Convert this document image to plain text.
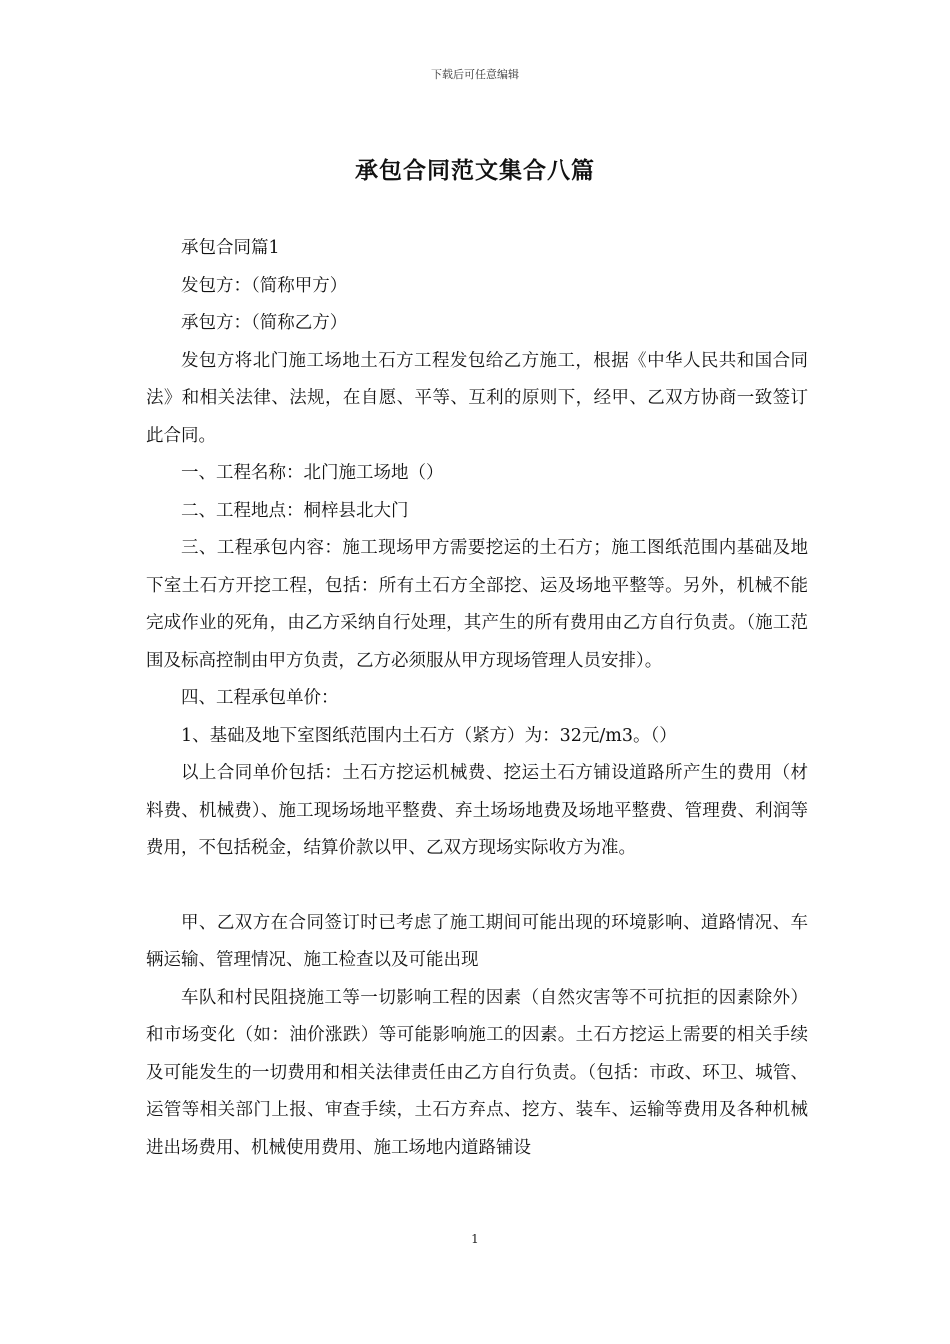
下载后可任意编辑
承包合同范文集合八篇

承包合同篇1

发包方：（简称甲方）

承包方：（简称乙方）

发包方将北门施工场地土石方工程发包给乙方施工，根据《中华人民共和国合同法》和相关法律、法规，在自愿、平等、互利的原则下，经甲、乙双方协商一致签订此合同。

一、工程名称：北门施工场地（）

二、工程地点：桐梓县北大门

三、工程承包内容：施工现场甲方需要挖运的土石方；施工图纸范围内基础及地下室土石方开挖工程，包括：所有土石方全部挖、运及场地平整等。另外，机械不能完成作业的死角，由乙方采纳自行处理，其产生的所有费用由乙方自行负责。（施工范围及标高控制由甲方负责，乙方必须服从甲方现场管理人员安排）。

四、工程承包单价：

1、基础及地下室图纸范围内土石方（紧方）为：32元/m3。（）

以上合同单价包括：土石方挖运机械费、挖运土石方铺设道路所产生的费用（材料费、机械费）、施工现场场地平整费、弃土场场地费及场地平整费、管理费、利润等费用，不包括税金，结算价款以甲、乙双方现场实际收方为准。

甲、乙双方在合同签订时已考虑了施工期间可能出现的环境影响、道路情况、车辆运输、管理情况、施工检查以及可能出现

车队和村民阻挠施工等一切影响工程的因素（自然灾害等不可抗拒的因素除外）和市场变化（如：油价涨跌）等可能影响施工的因素。土石方挖运上需要的相关手续及可能发生的一切费用和相关法律责任由乙方自行负责。（包括：市政、环卫、城管、运管等相关部门上报、审查手续，土石方弃点、挖方、装车、运输等费用及各种机械进出场费用、机械使用费用、施工场地内道路铺设

1
